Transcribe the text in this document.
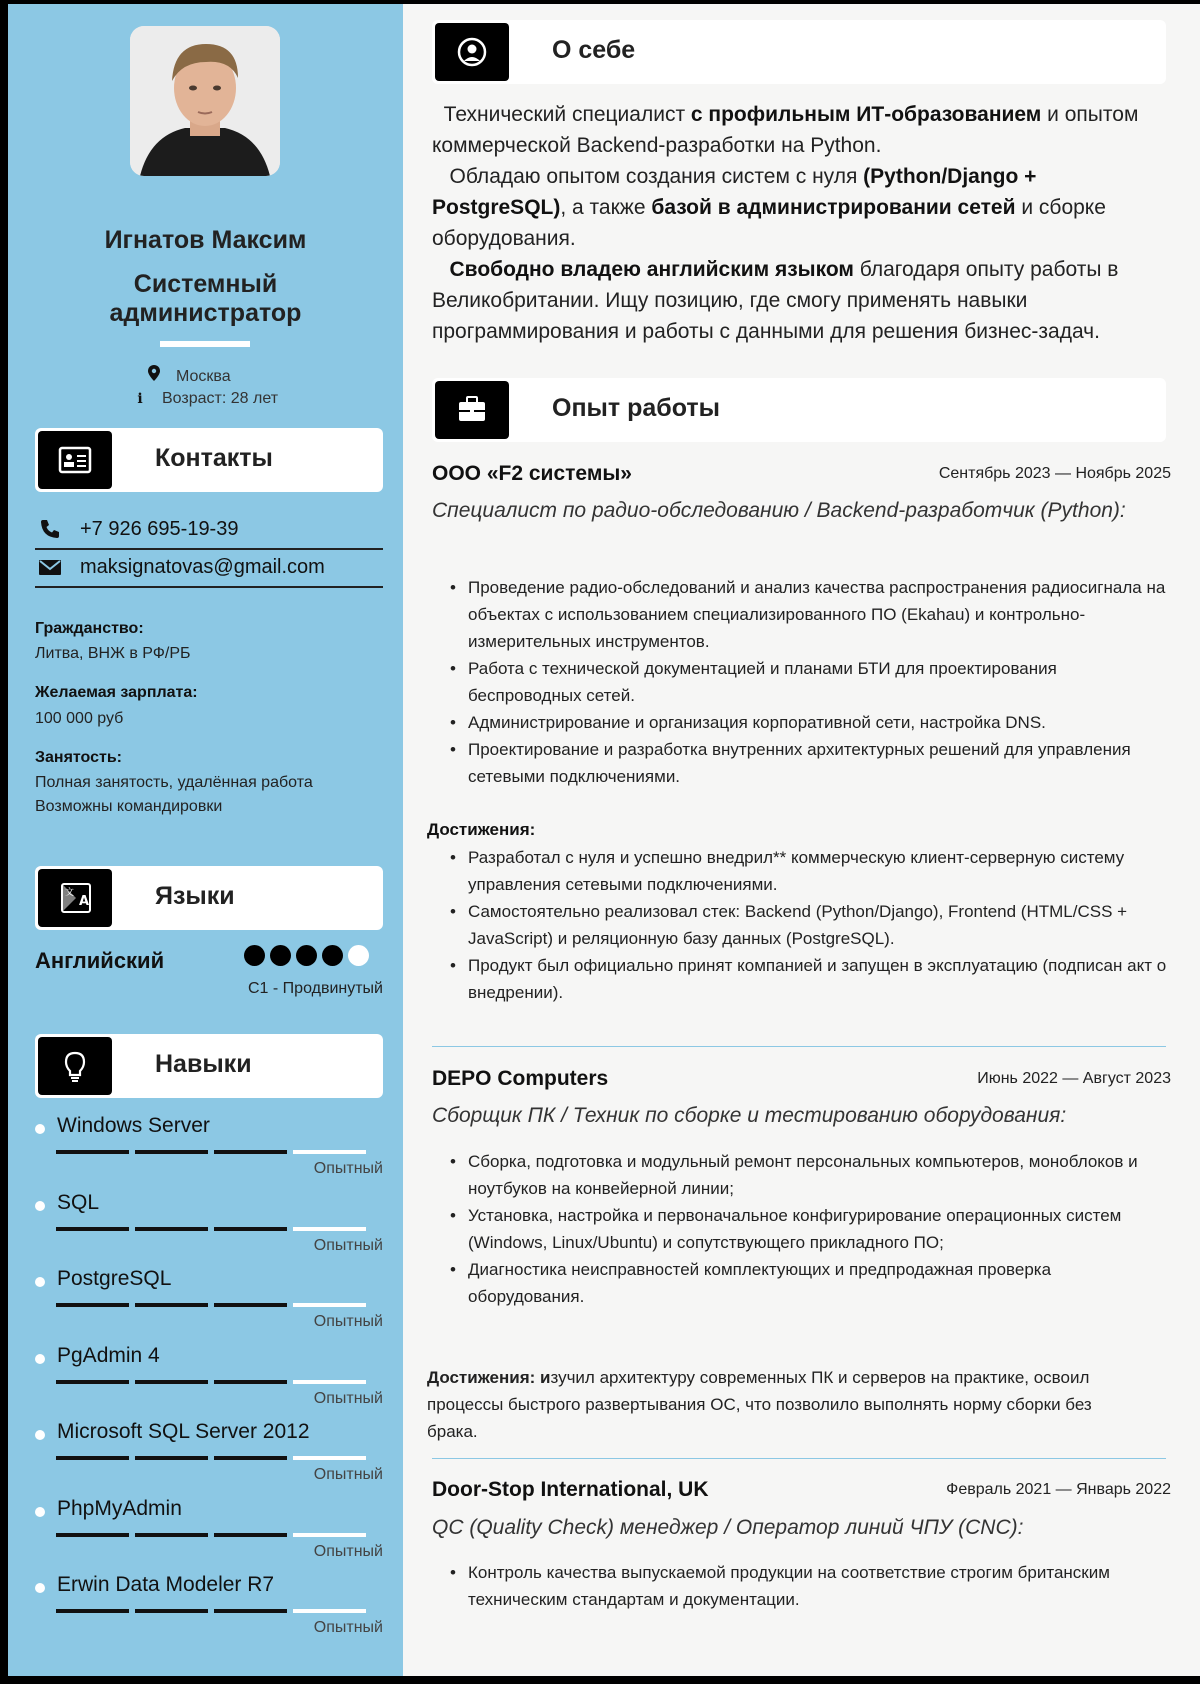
Игнатов Максим
Системный
администратор
Москва
i Возраст: 28 лет
Контакты
+7 926 695-19-39
maksignatovas@gmail.com
Гражданство:
Литва, ВНЖ в РФ/РБ
Желаемая зарплата:
100 000 руб
Занятость:
Полная занятость, удалённая работа
Возможны командировки
A
文	Языки
Английский
C1 - Продвинутый
Навыки
Windows Server
Опытный
SQL
Опытный
PostgreSQL
Опытный
PgAdmin 4
Опытный
Microsoft SQL Server 2012
Опытный
PhpMyAdmin
Опытный
Erwin Data Modeler R7
Опытный
О себе

Технический специалист с профильным ИТ-образованием и опытом коммерческой Backend-разработки на Python.

Обладаю опытом создания систем с нуля (Python/Django + PostgreSQL), а также базой в администрировании сетей и сборке оборудования.

Свободно владею английским языком благодаря опыту работы в Великобритании. Ищу позицию, где смогу применять навыки программирования и работы с данными для решения бизнес-задач.

Опыт работы
ООО «F2 системы»	Сентябрь 2023 — Ноябрь 2025
Специалист по радио-обследованию / Backend-разработчик (Python):
• Проведение радио-обследований и анализ качества распространения радиосигнала на объектах с использованием специализированного ПО (Ekahau) и контрольно-измерительных инструментов.
• Работа с технической документацией и планами БТИ для проектирования беспроводных сетей.
• Администрирование и организация корпоративной сети, настройка DNS.
• Проектирование и разработка внутренних архитектурных решений для управления сетевыми подключениями.
Достижения:
• Разработал с нуля и успешно внедрил** коммерческую клиент-серверную систему управления сетевыми подключениями.
• Самостоятельно реализовал стек: Backend (Python/Django), Frontend (HTML/CSS + JavaScript) и реляционную базу данных (PostgreSQL).
• Продукт был официально принят компанией и запущен в эксплуатацию (подписан акт о внедрении).
DEPO Computers	Июнь 2022 — Август 2023
Сборщик ПК / Техник по сборке и тестированию оборудования:
• Сборка, подготовка и модульный ремонт персональных компьютеров, моноблоков и ноутбуков на конвейерной линии;
• Установка, настройка и первоначальное конфигурирование операционных систем (Windows, Linux/Ubuntu) и сопутствующего прикладного ПО;
• Диагностика неисправностей комплектующих и предпродажная проверка оборудования.
Достижения: изучил архитектуру современных ПК и серверов на практике, освоил процессы быстрого развертывания ОС, что позволило выполнять норму сборки без брака.
Door-Stop International, UK	Февраль 2021 — Январь 2022
QC (Quality Check) менеджер / Оператор линий ЧПУ (CNC):
• Контроль качества выпускаемой продукции на соответствие строгим британским техническим стандартам и документации.
